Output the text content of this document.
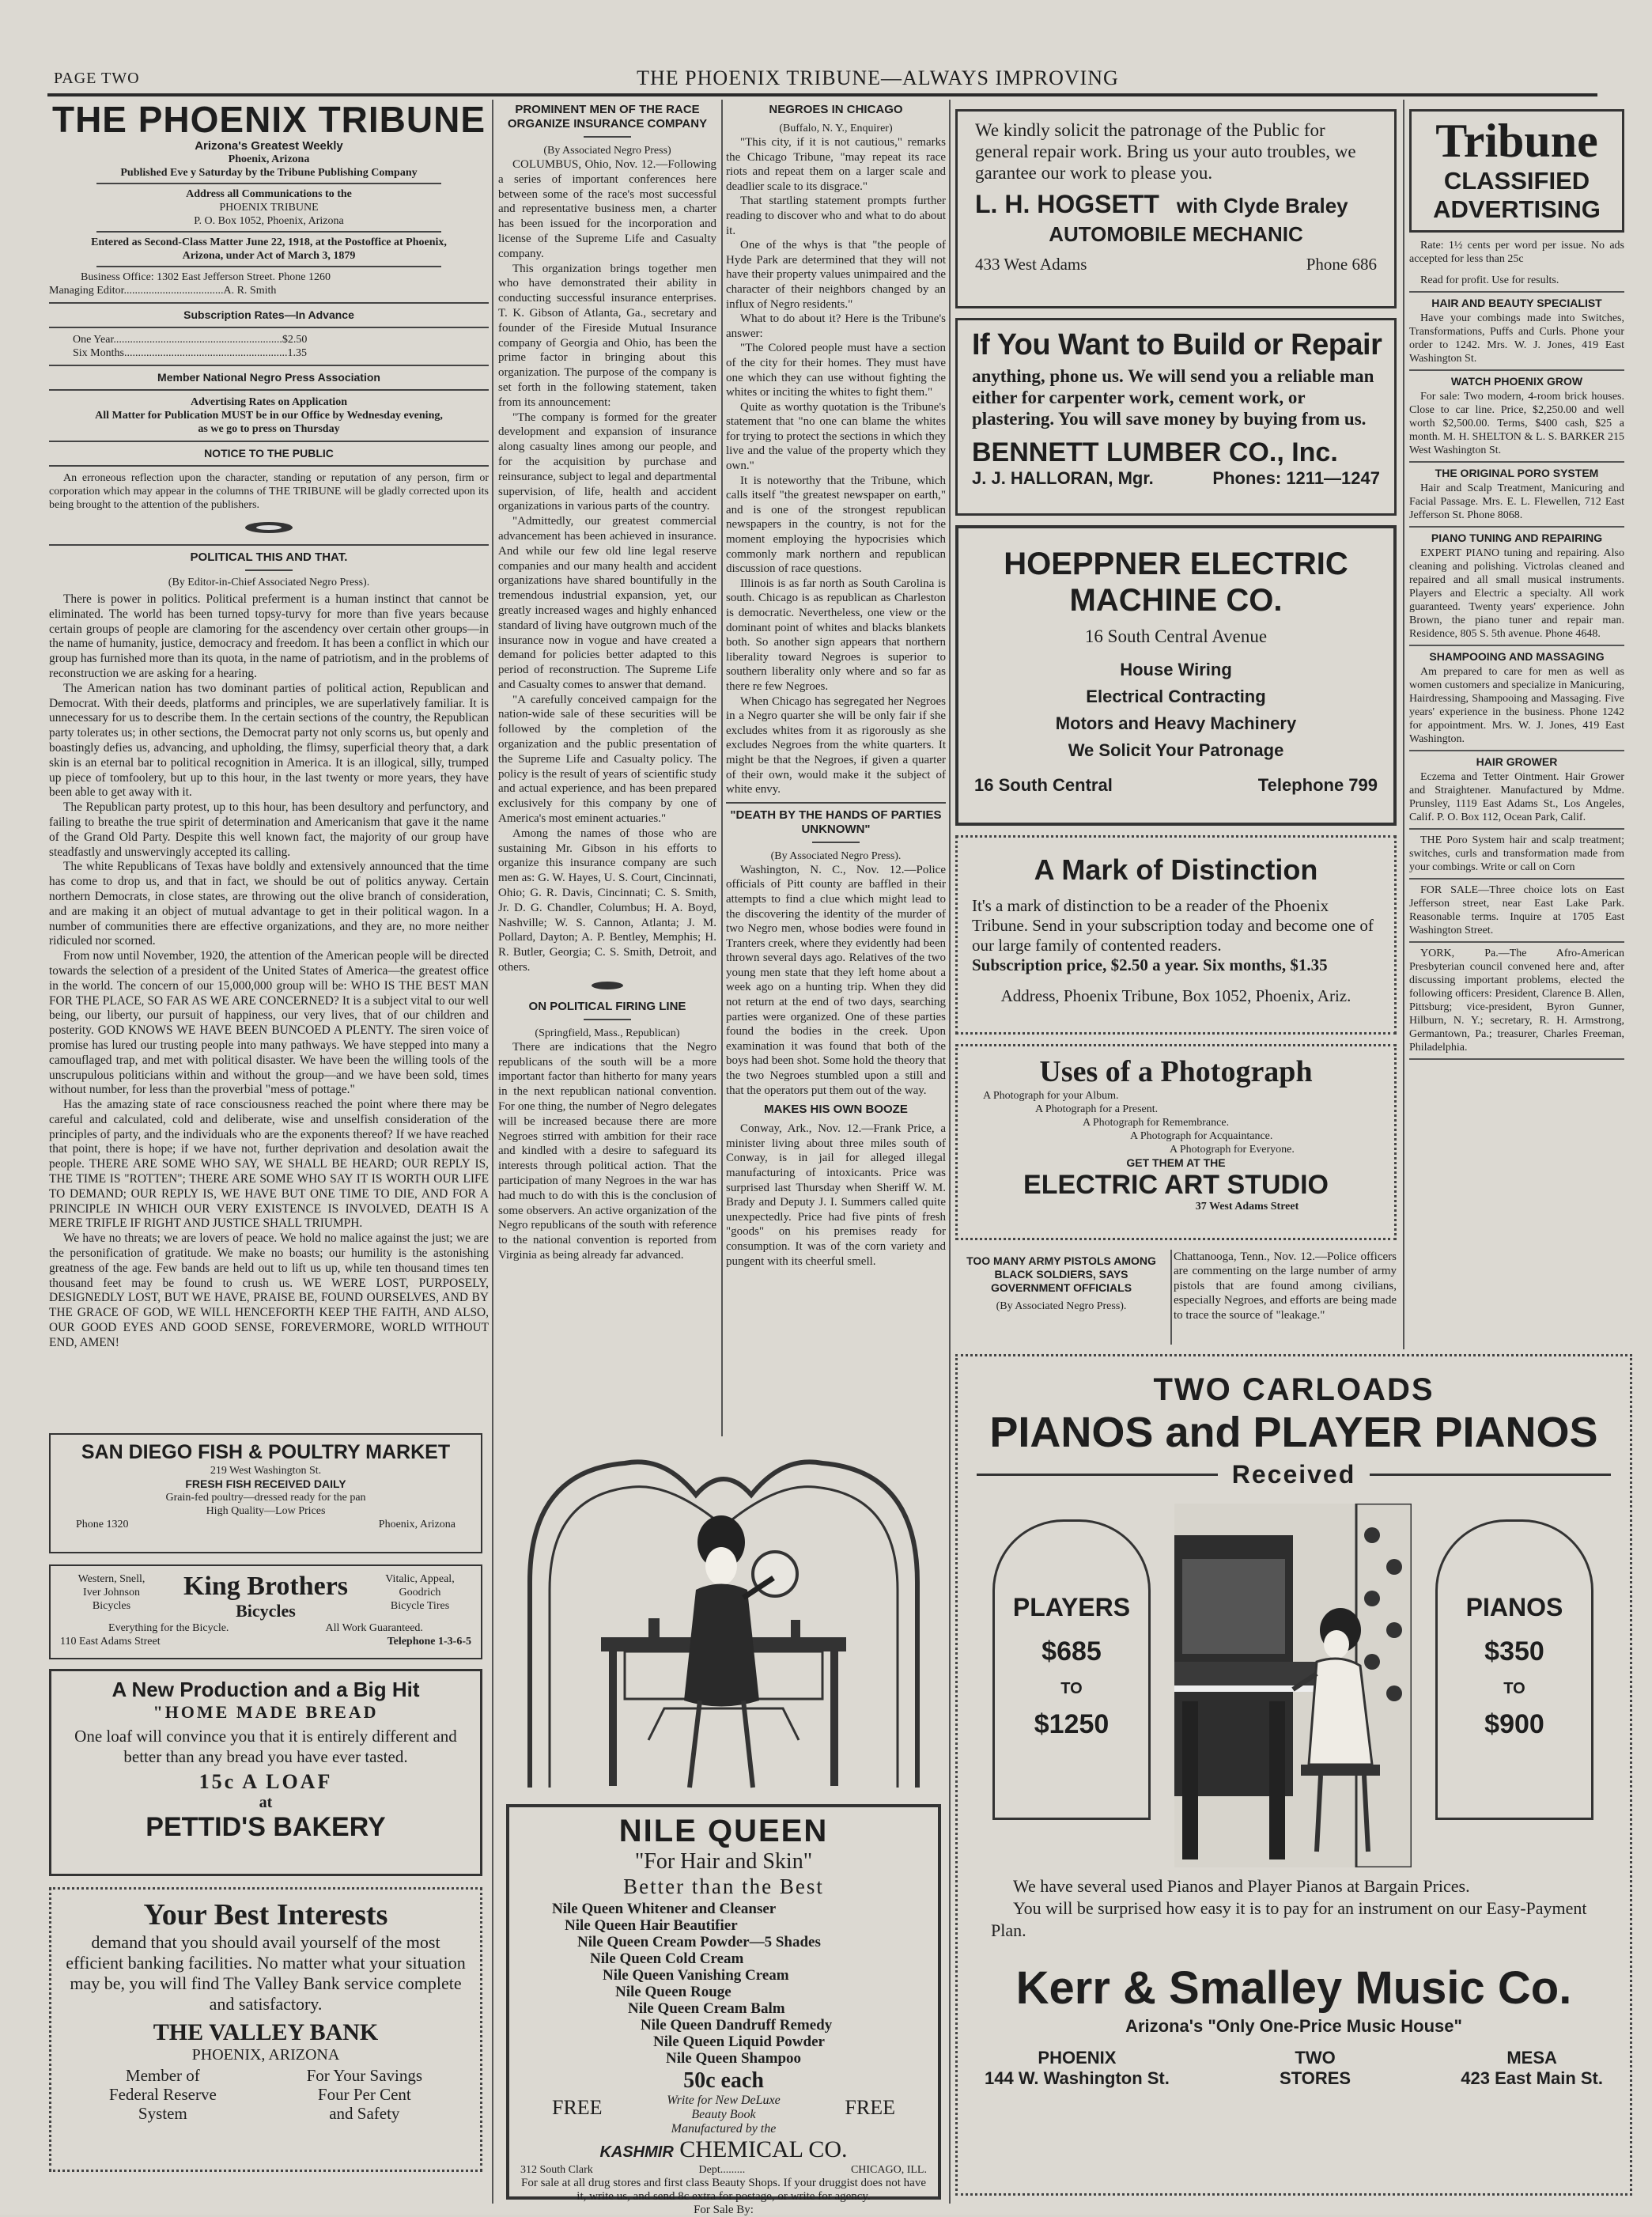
PAGE TWO	THE PHOENIX TRIBUNE—ALWAYS IMPROVING
THE PHOENIX TRIBUNE
Arizona's Greatest Weekly
Phoenix, Arizona
Published Eve y Saturday by the Tribune Publishing Company
Address all Communications to the
PHOENIX TRIBUNE
P. O. Box 1052, Phoenix, Arizona
Entered as Second-Class Matter June 22, 1918, at the Postoffice at Phoenix,
Arizona, under Act of March 3, 1879
Business Office: 1302 East Jefferson Street. Phone 1260
Managing Editor....................................A. R. Smith
Subscription Rates—In Advance
One Year.............................................................$2.50
Six Months...........................................................1.35
Member National Negro Press Association
Advertising Rates on Application
All Matter for Publication MUST be in our Office by Wednesday evening,
as we go to press on Thursday
NOTICE TO THE PUBLIC
An erroneous reflection upon the character, standing or reputation of any person, firm or corporation which may appear in the columns of THE TRIBUNE will be gladly corrected upon its being brought to the attention of the publishers.
POLITICAL THIS AND THAT.
(By Editor-in-Chief Associated Negro Press).

There is power in politics. Political preferment is a human instinct that cannot be eliminated. The world has been turned topsy-turvy for more than five years because certain groups of people are clamoring for the ascendency over certain other groups—in the name of humanity, justice, democracy and freedom. It has been a conflict in which our group has furnished more than its quota, in the name of patriotism, and in the problems of reconstruction we are asking for a hearing.

The American nation has two dominant parties of political action, Republican and Democrat. With their deeds, platforms and principles, we are superlatively familiar. It is unnecessary for us to describe them. In the certain sections of the country, the Republican party tolerates us; in other sections, the Democrat party not only scorns us, but openly and boastingly defies us, advancing, and upholding, the flimsy, superficial theory that, a dark skin is an eternal bar to political recognition in America. It is an illogical, silly, trumped up piece of tomfoolery, but up to this hour, in the last twenty or more years, they have been able to get away with it.

The Republican party protest, up to this hour, has been desultory and perfunctory, and failing to breathe the true spirit of determination and Americanism that gave it the name of the Grand Old Party. Despite this well known fact, the majority of our group have steadfastly and unswervingly accepted its calling.

The white Republicans of Texas have boldly and extensively announced that the time has come to drop us, and that in fact, we should be out of politics anyway. Certain northern Democrats, in close states, are throwing out the olive branch of consideration, and are making it an object of mutual advantage to get in their political wagon. In a number of communities there are effective organizations, and they are, no more neither ridiculed nor scorned.

From now until November, 1920, the attention of the American people will be directed towards the selection of a president of the United States of America—the greatest office in the world. The concern of our 15,000,000 group will be: WHO IS THE BEST MAN FOR THE PLACE, SO FAR AS WE ARE CONCERNED? It is a subject vital to our well being, our liberty, our pursuit of happiness, our very lives, that of our children and posterity. GOD KNOWS WE HAVE BEEN BUNCOED A PLENTY. The siren voice of promise has lured our trusting people into many pathways. We have stepped into many a camouflaged trap, and met with political disaster. We have been the willing tools of the unscrupulous politicians within and without the group—and we have been sold, times without number, for less than the proverbial "mess of pottage."

Has the amazing state of race consciousness reached the point where there may be careful and calculated, cold and deliberate, wise and unselfish consideration of the principles of party, and the individuals who are the exponents thereof? If we have reached that point, there is hope; if we have not, further deprivation and desolation await the people. THERE ARE SOME WHO SAY, WE SHALL BE HEARD; OUR REPLY IS, THE TIME IS "ROTTEN"; THERE ARE SOME WHO SAY IT IS WORTH OUR LIFE TO DEMAND; OUR REPLY IS, WE HAVE BUT ONE TIME TO DIE, AND FOR A PRINCIPLE IN WHICH OUR VERY EXISTENCE IS INVOLVED, DEATH IS A MERE TRIFLE IF RIGHT AND JUSTICE SHALL TRIUMPH.

We have no threats; we are lovers of peace. We hold no malice against the just; we are the personification of gratitude. We make no boasts; our humility is the astonishing greatness of the age. Few bands are held out to lift us up, while ten thousand times ten thousand feet may be found to crush us. WE WERE LOST, PURPOSELY, DESIGNEDLY LOST, BUT WE HAVE, PRAISE BE, FOUND OURSELVES, AND BY THE GRACE OF GOD, WE WILL HENCEFORTH KEEP THE FAITH, AND ALSO, OUR GOOD EYES AND GOOD SENSE, FOREVERMORE, WORLD WITHOUT END, AMEN!

SAN DIEGO FISH & POULTRY MARKET
219 West Washington St.
FRESH FISH RECEIVED DAILY
Grain-fed poultry—dressed ready for the pan
High Quality—Low Prices
Phone 1320	Phoenix, Arizona
Western, Snell,
Iver Johnson
Bicycles
King Brothers
Bicycles
Vitalic, Appeal,
Goodrich
Bicycle Tires
Everything for the Bicycle.	All Work Guaranteed.
110 East Adams Street	Telephone 1-3-6-5
A New Production and a Big Hit
"HOME MADE BREAD
One loaf will convince you that it is entirely different and better than any bread you have ever tasted.
15c A LOAF
at
PETTID'S BAKERY
Your Best Interests
demand that you should avail yourself of the most efficient banking facilities. No matter what your situation may be, you will find The Valley Bank service complete and satisfactory.
THE VALLEY BANK
PHOENIX, ARIZONA
Member of
Federal Reserve
System
For Your Savings
Four Per Cent
and Safety
PROMINENT MEN OF THE RACE ORGANIZE INSURANCE COMPANY
(By Associated Negro Press)

COLUMBUS, Ohio, Nov. 12.—Following a series of important conferences here between some of the race's most successful and representative business men, a charter has been issued for the incorporation and license of the Supreme Life and Casualty company.

This organization brings together men who have demonstrated their ability in conducting successful insurance enterprises. T. K. Gibson of Atlanta, Ga., secretary and founder of the Fireside Mutual Insurance company of Georgia and Ohio, has been the prime factor in bringing about this organization. The purpose of the company is set forth in the following statement, taken from its announcement:

"The company is formed for the greater development and expansion of insurance along casualty lines among our people, and for the acquisition by purchase and reinsurance, subject to legal and departmental supervision, of life, health and accident organizations in various parts of the country.

"Admittedly, our greatest commercial advancement has been achieved in insurance. And while our few old line legal reserve companies and our many health and accident organizations have shared bountifully in the tremendous industrial expansion, yet, our greatly increased wages and highly enhanced standard of living have outgrown much of the insurance now in vogue and have created a demand for policies better adapted to this period of reconstruction. The Supreme Life and Casualty comes to answer that demand.

"A carefully conceived campaign for the nation-wide sale of these securities will be followed by the completion of the organization and the public presentation of the Supreme Life and Casualty policy. The policy is the result of years of scientific study and actual experience, and has been prepared exclusively for this company by one of America's most eminent actuaries."

Among the names of those who are sustaining Mr. Gibson in his efforts to organize this insurance company are such men as: G. W. Hayes, U. S. Court, Cincinnati, Ohio; G. R. Davis, Cincinnati; C. S. Smith, Jr. D. G. Chandler, Columbus; H. A. Boyd, Nashville; W. S. Cannon, Atlanta; J. M. Pollard, Dayton; A. P. Bentley, Memphis; H. R. Butler, Georgia; C. S. Smith, Detroit, and others.

ON POLITICAL FIRING LINE
(Springfield, Mass., Republican)

There are indications that the Negro republicans of the south will be a more important factor than hitherto for many years in the next republican national convention. For one thing, the number of Negro delegates will be increased because there are more Negroes stirred with ambition for their race and kindled with a desire to safeguard its interests through political action. That the participation of many Negroes in the war has had much to do with this is the conclusion of some observers. An active organization of the Negro republicans of the south with reference to the national convention is reported from Virginia as being already far advanced.

NEGROES IN CHICAGO
(Buffalo, N. Y., Enquirer)

"This city, if it is not cautious," remarks the Chicago Tribune, "may repeat its race riots and repeat them on a larger scale and deadlier scale to its disgrace."

That startling statement prompts further reading to discover who and what to do about it.

One of the whys is that "the people of Hyde Park are determined that they will not have their property values unimpaired and the character of their neighbors changed by an influx of Negro residents."

What to do about it? Here is the Tribune's answer:

"The Colored people must have a section of the city for their homes. They must have one which they can use without fighting the whites or inciting the whites to fight them."

Quite as worthy quotation is the Tribune's statement that "no one can blame the whites for trying to protect the sections in which they live and the value of the property which they own."

It is noteworthy that the Tribune, which calls itself "the greatest newspaper on earth," and is one of the strongest republican newspapers in the country, is not for the moment employing the hypocrisies which commonly mark northern and republican discussion of race questions.

Illinois is as far north as South Carolina is south. Chicago is as republican as Charleston is democratic. Nevertheless, one view or the dominant point of whites and blacks blankets both. So another sign appears that northern liberality toward Negroes is superior to southern liberality only where and so far as there re few Negroes.

When Chicago has segregated her Negroes in a Negro quarter she will be only fair if she excludes whites from it as rigorously as she excludes Negroes from the white quarters. It might be that the Negroes, if given a quarter of their own, would make it the subject of white envy.

"DEATH BY THE HANDS OF PARTIES UNKNOWN"
(By Associated Negro Press).

Washington, N. C., Nov. 12.—Police officials of Pitt county are baffled in their attempts to find a clue which might lead to the discovering the identity of the murder of two Negro men, whose bodies were found in Tranters creek, where they evidently had been thrown several days ago. Relatives of the two young men state that they left home about a week ago on a hunting trip. When they did not return at the end of two days, searching parties were organized. One of these parties found the bodies in the creek. Upon examination it was found that both of the boys had been shot. Some hold the theory that the two Negroes stumbled upon a still and that the operators put them out of the way.

MAKES HIS OWN BOOZE

Conway, Ark., Nov. 12.—Frank Price, a minister living about three miles south of Conway, is in jail for alleged illegal manufacturing of intoxicants. Price was surprised last Thursday when Sheriff W. M. Brady and Deputy J. I. Summers called quite unexpectedly. Price had five pints of fresh "goods" on his premises ready for consumption. It was of the corn variety and pungent with its cheerful smell.

NILE QUEEN
"For Hair and Skin"
Better than the Best
Nile Queen Whitener and Cleanser
Nile Queen Hair Beautifier
Nile Queen Cream Powder—5 Shades
Nile Queen Cold Cream
Nile Queen Vanishing Cream
Nile Queen Rouge
Nile Queen Cream Balm
Nile Queen Dandruff Remedy
Nile Queen Liquid Powder
Nile Queen Shampoo
50c each
FREE	Write for New DeLuxe Beauty Book	FREE
Manufactured by the
KASHMIR CHEMICAL CO.
312 South Clark	Dept.........	CHICAGO, ILL.
For sale at all drug stores and first class Beauty Shops. If your druggist does not have it, write us, and send 8c extra for postage, or write for agency.
For Sale By:
TOO MANY ARMY PISTOLS AMONG BLACK SOLDIERS, SAYS GOVERNMENT OFFICIALS
(By Associated Negro Press).

Chattanooga, Tenn., Nov. 12.—Police officers are commenting on the large number of army pistols that are found among civilians, especially Negroes, and efforts are being made to trace the source of "leakage."

We kindly solicit the patronage of the Public for general repair work. Bring us your auto troubles, we garantee our work to please you.
L. H. HOGSETT with Clyde Braley
AUTOMOBILE MECHANIC
433 West Adams	Phone 686
If You Want to Build or Repair
anything, phone us. We will send you a reliable man either for carpenter work, cement work, or plastering. You will save money by buying from us.
BENNETT LUMBER CO., Inc.
J. J. HALLORAN, Mgr.	Phones: 1211—1247
HOEPPNER ELECTRIC
MACHINE CO.
16 South Central Avenue
House Wiring
Electrical Contracting
Motors and Heavy Machinery
We Solicit Your Patronage
16 South Central	Telephone 799
A Mark of Distinction
It's a mark of distinction to be a reader of the Phoenix Tribune. Send in your subscription today and become one of our large family of contented readers.
Subscription price, $2.50 a year. Six months, $1.35
Address, Phoenix Tribune, Box 1052, Phoenix, Ariz.
Uses of a Photograph
A Photograph for your Album.
A Photograph for a Present.
A Photograph for Remembrance.
A Photograph for Acquaintance.
A Photograph for Everyone.
GET THEM AT THE
ELECTRIC ART STUDIO
37 West Adams Street
TWO CARLOADS
PIANOS and PLAYER PIANOS
Received
PLAYERS
$685
TO
$1250
PIANOS
$350
TO
$900
We have several used Pianos and Player Pianos at Bargain Prices.
You will be surprised how easy it is to pay for an instrument on our Easy-Payment Plan.
Kerr & Smalley Music Co.
Arizona's "Only One-Price Music House"
PHOENIX
144 W. Washington St.
TWO
STORES
MESA
423 East Main St.
Tribune
CLASSIFIED
ADVERTISING

Rate: 1½ cents per word per issue. No ads accepted for less than 25c

Read for profit. Use for results.

HAIR AND BEAUTY SPECIALIST

Have your combings made into Switches, Transformations, Puffs and Curls. Phone your order to 1242. Mrs. W. J. Jones, 419 East Washington St.

WATCH PHOENIX GROW

For sale: Two modern, 4-room brick houses. Close to car line. Price, $2,250.00 and well worth $2,500.00. Terms, $400 cash, $25 a month. M. H. SHELTON & L. S. BARKER 215 West Washington St.

THE ORIGINAL PORO SYSTEM

Hair and Scalp Treatment, Manicuring and Facial Passage. Mrs. E. L. Flewellen, 712 East Jefferson St. Phone 8068.

PIANO TUNING AND REPAIRING

EXPERT PIANO tuning and repairing. Also cleaning and polishing. Victrolas cleaned and repaired and all small musical instruments. Players and Electric a specialty. All work guaranteed. Twenty years' experience. John Brown, the piano tuner and repair man. Residence, 805 S. 5th avenue. Phone 4648.

SHAMPOOING AND MASSAGING

Am prepared to care for men as well as women customers and specialize in Manicuring, Hairdressing, Shampooing and Massaging. Five years' experience in the business. Phone 1242 for appointment. Mrs. W. J. Jones, 419 East Washington.

HAIR GROWER

Eczema and Tetter Ointment. Hair Grower and Straightener. Manufactured by Mdme. Prunsley, 1119 East Adams St., Los Angeles, Calif. P. O. Box 112, Ocean Park, Calif.

THE Poro System hair and scalp treatment; switches, curls and transformation made from your combings. Write or call on Corn

FOR SALE—Three choice lots on East Jefferson street, near East Lake Park. Reasonable terms. Inquire at 1705 East Washington Street.

YORK, Pa.—The Afro-American Presbyterian council convened here and, after discussing important problems, elected the following officers: President, Clarence B. Allen, Pittsburg; vice-president, Byron Gunner, Hilburn, N. Y.; secretary, R. H. Armstrong, Germantown, Pa.; treasurer, Charles Freeman, Philadelphia.
